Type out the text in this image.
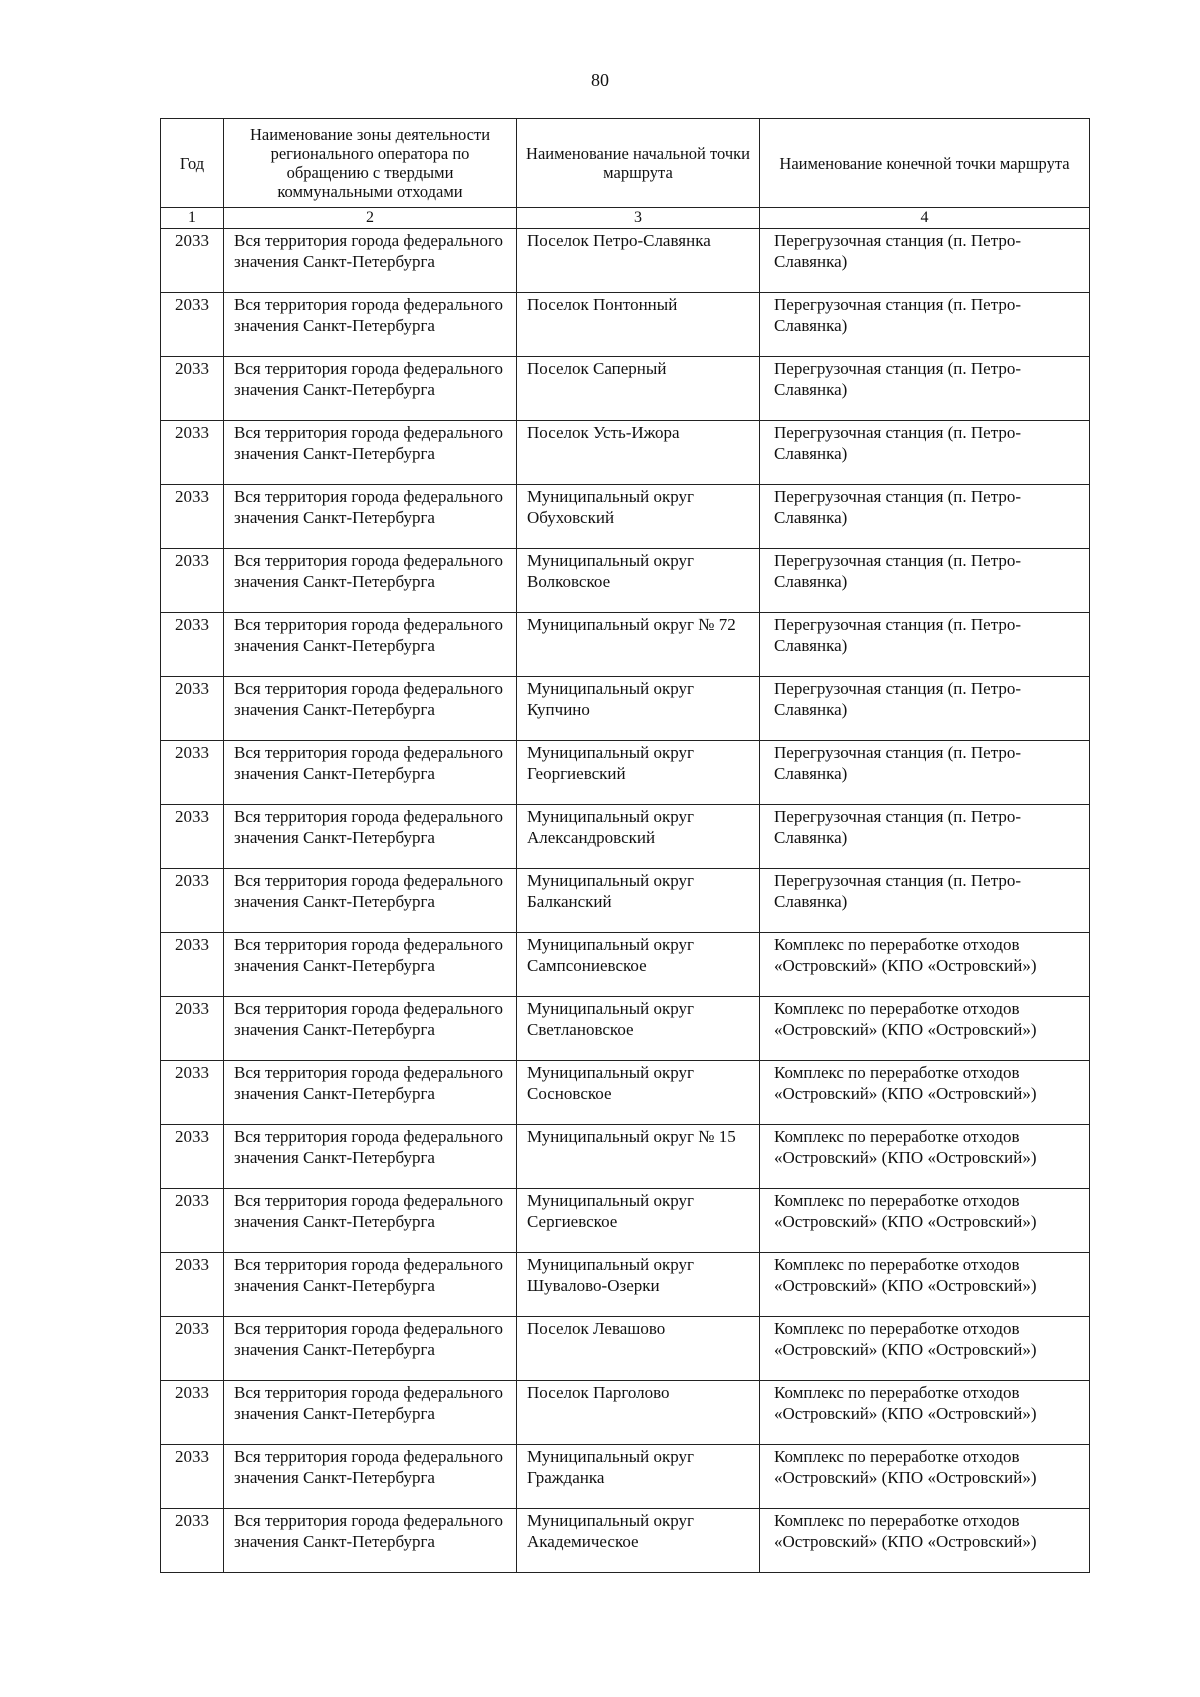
80
Год	Наименование зоны деятельности регионального оператора по обращению с твердыми коммунальными отходами	Наименование начальной точки маршрута	Наименование конечной точки маршрута
1	2	3	4
2033	Вся территория города федерального значения Санкт-Петербурга	Поселок Петро-Славянка	Перегрузочная станция (п. Петро-Славянка)
2033	Вся территория города федерального значения Санкт-Петербурга	Поселок Понтонный	Перегрузочная станция (п. Петро-Славянка)
2033	Вся территория города федерального значения Санкт-Петербурга	Поселок Саперный	Перегрузочная станция (п. Петро-Славянка)
2033	Вся территория города федерального значения Санкт-Петербурга	Поселок Усть-Ижора	Перегрузочная станция (п. Петро-Славянка)
2033	Вся территория города федерального значения Санкт-Петербурга	Муниципальный округ Обуховский	Перегрузочная станция (п. Петро-Славянка)
2033	Вся территория города федерального значения Санкт-Петербурга	Муниципальный округ Волковское	Перегрузочная станция (п. Петро-Славянка)
2033	Вся территория города федерального значения Санкт-Петербурга	Муниципальный округ № 72	Перегрузочная станция (п. Петро-Славянка)
2033	Вся территория города федерального значения Санкт-Петербурга	Муниципальный округ Купчино	Перегрузочная станция (п. Петро-Славянка)
2033	Вся территория города федерального значения Санкт-Петербурга	Муниципальный округ Георгиевский	Перегрузочная станция (п. Петро-Славянка)
2033	Вся территория города федерального значения Санкт-Петербурга	Муниципальный округ Александровский	Перегрузочная станция (п. Петро-Славянка)
2033	Вся территория города федерального значения Санкт-Петербурга	Муниципальный округ Балканский	Перегрузочная станция (п. Петро-Славянка)
2033	Вся территория города федерального значения Санкт-Петербурга	Муниципальный округ Сампсониевское	Комплекс по переработке отходов «Островский» (КПО «Островский»)
2033	Вся территория города федерального значения Санкт-Петербурга	Муниципальный округ Светлановское	Комплекс по переработке отходов «Островский» (КПО «Островский»)
2033	Вся территория города федерального значения Санкт-Петербурга	Муниципальный округ Сосновское	Комплекс по переработке отходов «Островский» (КПО «Островский»)
2033	Вся территория города федерального значения Санкт-Петербурга	Муниципальный округ № 15	Комплекс по переработке отходов «Островский» (КПО «Островский»)
2033	Вся территория города федерального значения Санкт-Петербурга	Муниципальный округ Сергиевское	Комплекс по переработке отходов «Островский» (КПО «Островский»)
2033	Вся территория города федерального значения Санкт-Петербурга	Муниципальный округ Шувалово-Озерки	Комплекс по переработке отходов «Островский» (КПО «Островский»)
2033	Вся территория города федерального значения Санкт-Петербурга	Поселок Левашово	Комплекс по переработке отходов «Островский» (КПО «Островский»)
2033	Вся территория города федерального значения Санкт-Петербурга	Поселок Парголово	Комплекс по переработке отходов «Островский» (КПО «Островский»)
2033	Вся территория города федерального значения Санкт-Петербурга	Муниципальный округ Гражданка	Комплекс по переработке отходов «Островский» (КПО «Островский»)
2033	Вся территория города федерального значения Санкт-Петербурга	Муниципальный округ Академическое	Комплекс по переработке отходов «Островский» (КПО «Островский»)
